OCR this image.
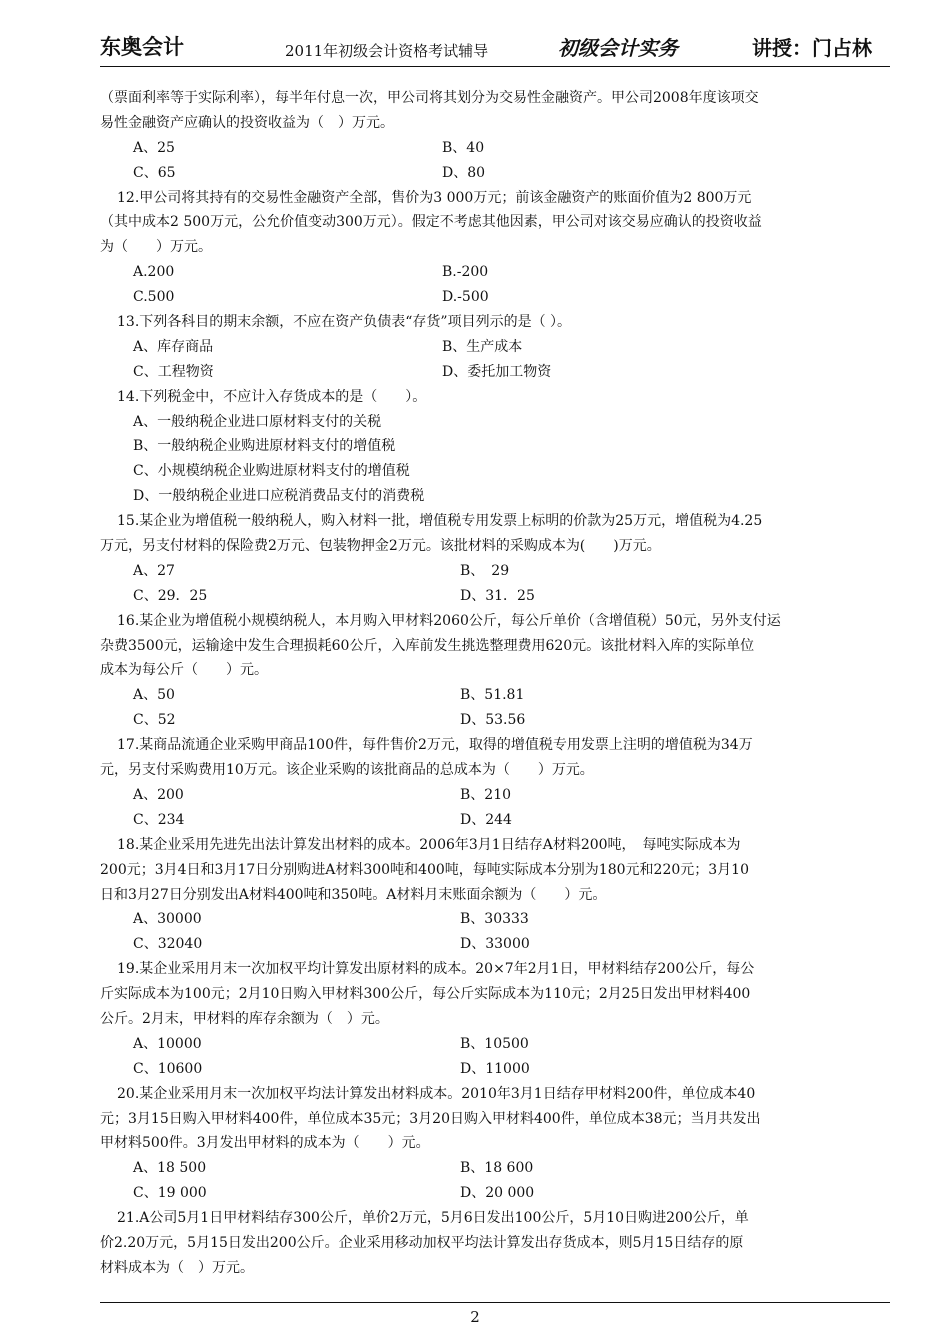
东奥会计	2011年初级会计资格考试辅导	初级会计实务	讲授：门占林
（票面利率等于实际利率），每半年付息一次，甲公司将其划分为交易性金融资产。甲公司2008年度该项交
易性金融资产应确认的投资收益为（　）万元。
A、25	B、40
C、65	D、80
12.甲公司将其持有的交易性金融资产全部，售价为3 000万元；前该金融资产的账面价值为2 800万元
（其中成本2 500万元，公允价值变动300万元）。假定不考虑其他因素，甲公司对该交易应确认的投资收益
为（　　）万元。
A.200	B.-200
C.500	D.-500
13.下列各科目的期末余额，不应在资产负债表“存货”项目列示的是（ ）。
A、库存商品	B、生产成本
C、工程物资	D、委托加工物资
14.下列税金中，不应计入存货成本的是（　　）。
A、一般纳税企业进口原材料支付的关税
B、一般纳税企业购进原材料支付的增值税
C、小规模纳税企业购进原材料支付的增值税
D、一般纳税企业进口应税消费品支付的消费税
15.某企业为增值税一般纳税人，购入材料一批，增值税专用发票上标明的价款为25万元，增值税为4.25
万元，另支付材料的保险费2万元、包装物押金2万元。该批材料的采购成本为(　　)万元。
A、27	B、　29
C、29．25	D、31．25
16.某企业为增值税小规模纳税人，本月购入甲材料2060公斤，每公斤单价（含增值税）50元，另外支付运
杂费3500元，运输途中发生合理损耗60公斤，入库前发生挑选整理费用620元。该批材料入库的实际单位
成本为每公斤（　　）元。
A、50	B、51.81
C、52	D、53.56
17.某商品流通企业采购甲商品100件，每件售价2万元，取得的增值税专用发票上注明的增值税为34万
元，另支付采购费用10万元。该企业采购的该批商品的总成本为（　　）万元。
A、200	B、210
C、234	D、244
18.某企业采用先进先出法计算发出材料的成本。2006年3月1日结存A材料200吨，　每吨实际成本为
200元；3月4日和3月17日分别购进A材料300吨和400吨，每吨实际成本分别为180元和220元；3月10
日和3月27日分别发出A材料400吨和350吨。A材料月末账面余额为（　　）元。
A、30000	B、30333
C、32040	D、33000
19.某企业采用月末一次加权平均计算发出原材料的成本。20×7年2月1日，甲材料结存200公斤，每公
斤实际成本为100元；2月10日购入甲材料300公斤，每公斤实际成本为110元；2月25日发出甲材料400
公斤。2月末，甲材料的库存余额为（　）元。
A、10000	B、10500
C、10600	D、11000
20.某企业采用月末一次加权平均法计算发出材料成本。2010年3月1日结存甲材料200件，单位成本40
元；3月15日购入甲材料400件，单位成本35元；3月20日购入甲材料400件，单位成本38元；当月共发出
甲材料500件。3月发出甲材料的成本为（　　）元。
A、18 500	B、18 600
C、19 000	D、20 000
21.A公司5月1日甲材料结存300公斤，单价2万元，5月6日发出100公斤，5月10日购进200公斤，单
价2.20万元，5月15日发出200公斤。企业采用移动加权平均法计算发出存货成本，则5月15日结存的原
材料成本为（　）万元。
2
